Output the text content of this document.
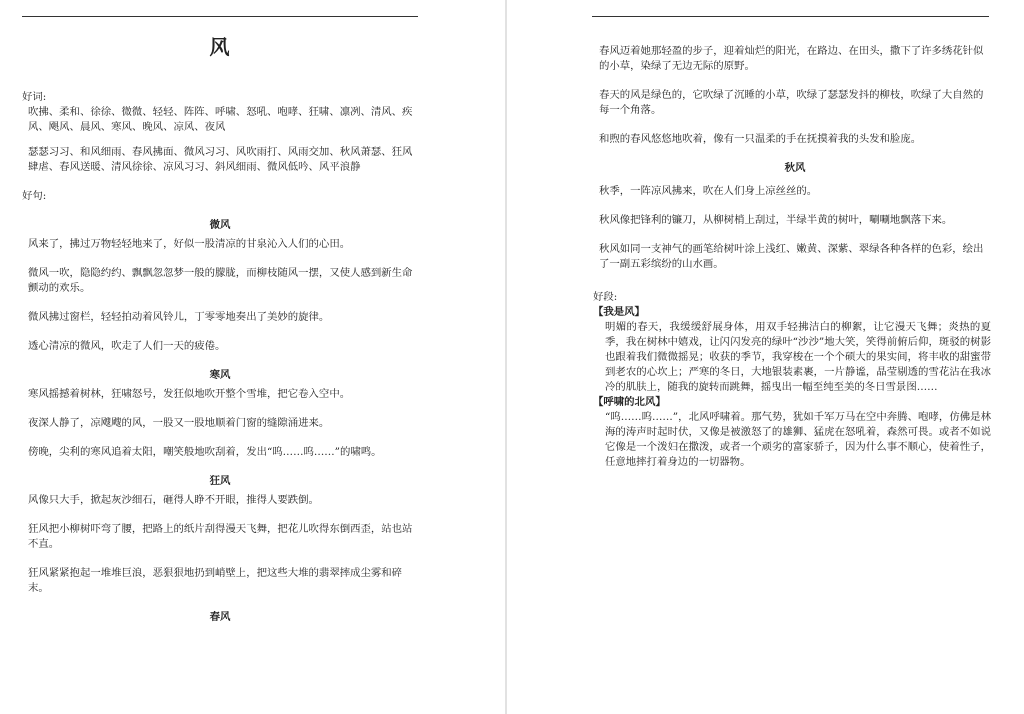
风

好词:

吹拂、柔和、徐徐、微微、轻轻、阵阵、呼啸、怒吼、咆哮、狂啸、凛冽、清风、疾风、飓风、晨风、寒风、晚风、凉风、夜风

瑟瑟习习、和风细雨、春风拂面、微风习习、风吹雨打、风雨交加、秋风萧瑟、狂风肆虐、春风送暖、清风徐徐、凉风习习、斜风细雨、微风低吟、风平浪静

好句:

微风

风来了，拂过万物轻轻地来了，好似一股清凉的甘泉沁入人们的心田。

微风一吹，隐隐约约、飘飘忽忽梦一般的朦胧，而柳枝随风一摆，又使人感到新生命颤动的欢乐。

微风拂过窗栏，轻轻拍动着风铃儿，丁零零地奏出了美妙的旋律。

透心清凉的微风，吹走了人们一天的疲倦。

寒风

寒风摇撼着树林，狂啸怒号，发狂似地吹开整个雪堆，把它卷入空中。

夜深人静了，凉飕飕的风，一股又一股地顺着门窗的缝隙涌进来。

傍晚，尖利的寒风追着太阳，嘲笑般地吹刮着，发出“呜……呜……”的啸鸣。

狂风

风像只大手，掀起灰沙细石，砸得人睁不开眼，推得人要跌倒。

狂风把小柳树吓弯了腰，把路上的纸片刮得漫天飞舞，把花儿吹得东倒西歪，站也站不直。

狂风紧紧抱起一堆堆巨浪，恶狠狠地扔到峭壁上，把这些大堆的翡翠摔成尘雾和碎末。

春风

春风迈着她那轻盈的步子，迎着灿烂的阳光，在路边、在田头，撒下了许多绣花针似的小草，染绿了无边无际的原野。

春天的风是绿色的，它吹绿了沉睡的小草，吹绿了瑟瑟发抖的柳枝，吹绿了大自然的每一个角落。

和煦的春风悠悠地吹着，像有一只温柔的手在抚摸着我的头发和脸庞。

秋风

秋季，一阵凉风拂来，吹在人们身上凉丝丝的。

秋风像把锋利的镰刀，从柳树梢上刮过，半绿半黄的树叶，唰唰地飘落下来。

秋风如同一支神气的画笔给树叶涂上浅红、嫩黄、深紫、翠绿各种各样的色彩，绘出了一副五彩缤纷的山水画。

好段:

【我是风】

明媚的春天，我缓缓舒展身体，用双手轻拂洁白的柳絮，让它漫天飞舞；炎热的夏季，我在树林中嬉戏，让闪闪发亮的绿叶“沙沙”地大笑，笑得前俯后仰，斑驳的树影也跟着我们微微摇晃；收获的季节，我穿梭在一个个硕大的果实间，将丰收的甜蜜带到老农的心坎上；严寒的冬日，大地银装素裹，一片静谧，晶莹剔透的雪花沾在我冰冷的肌肤上，随我的旋转而跳舞，摇曳出一幅至纯至美的冬日雪景图……

【呼啸的北风】

“呜……呜……”，北风呼啸着。那气势，犹如千军万马在空中奔腾、咆哮，仿佛是林海的涛声时起时伏，又像是被激怒了的雄狮、猛虎在怒吼着，森然可畏。或者不如说它像是一个泼妇在撒泼，或者一个顽劣的富家骄子，因为什么事不顺心，使着性子，任意地摔打着身边的一切器物。
